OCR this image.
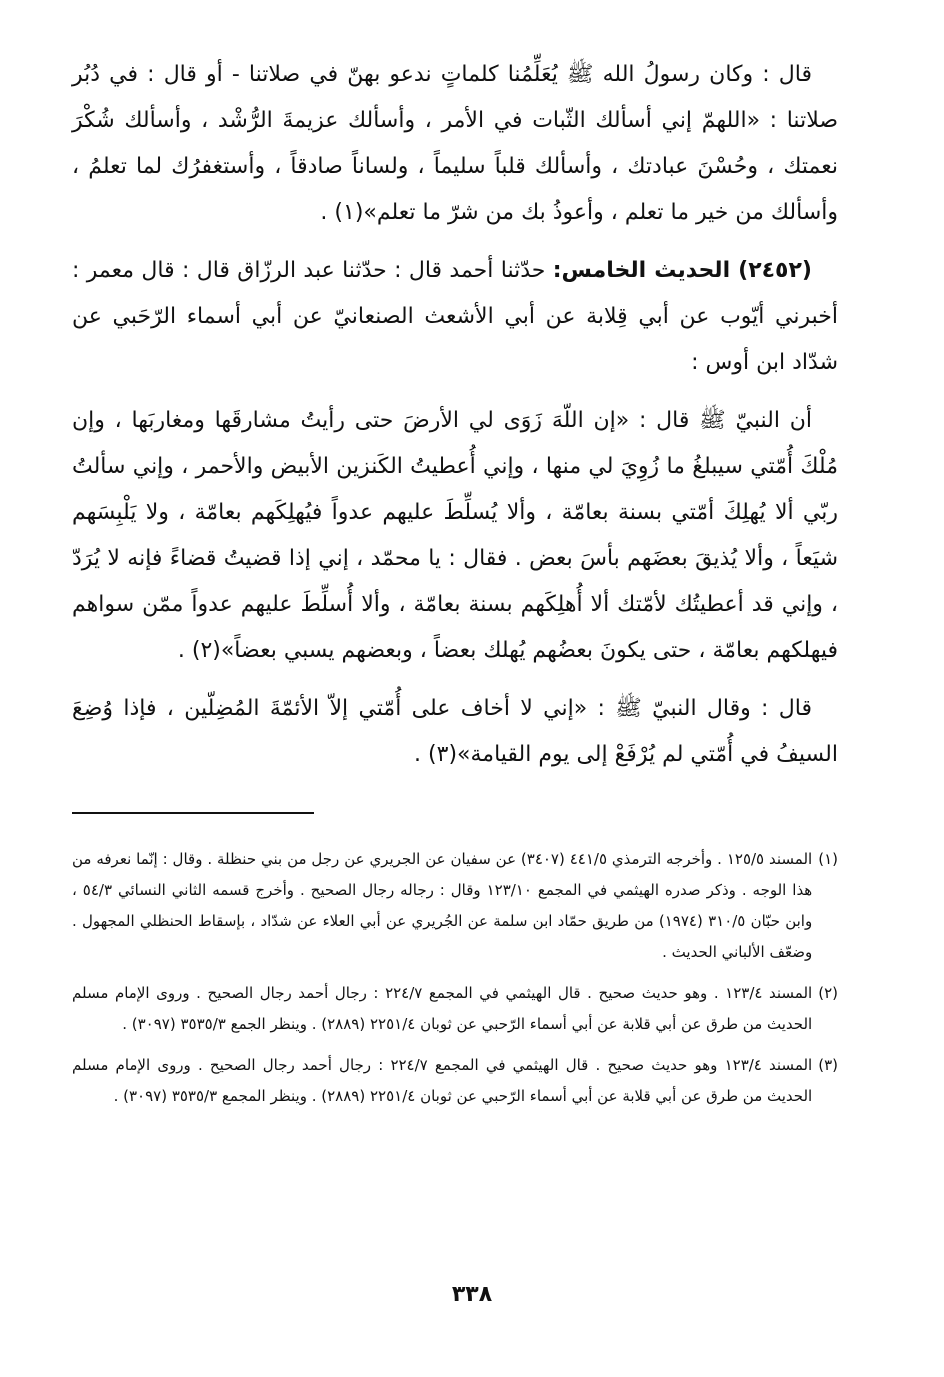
قال : وكان رسولُ الله ﷺ يُعَلِّمُنا كلماتٍ ندعو بهنّ في صلاتنا - أو قال : في دُبُر صلاتنا : «اللهمّ إني أسألك الثّبات في الأمر ، وأسألك عزيمةَ الرُّشْد ، وأسألك شُكْرَ نعمتك ، وحُسْنَ عبادتك ، وأسألك قلباً سليماً ، ولساناً صادقاً ، وأستغفرُك لما تعلمُ ، وأسألك من خير ما تعلم ، وأعوذُ بك من شرّ ما تعلم»(١) .

(٢٤٥٢) الحديث الخامس: حدّثنا أحمد قال : حدّثنا عبد الرزّاق قال : قال معمر : أخبرني أيّوب عن أبي قِلابة عن أبي الأشعث الصنعانيّ عن أبي أسماء الرّحَبي عن شدّاد ابن أوس :

أن النبيّ ﷺ قال : «إن اللّهَ زَوَى لي الأرضَ حتى رأيتُ مشارقَها ومغاربَها ، وإن مُلْكَ أُمّتي سيبلغُ ما زُوِيَ لي منها ، وإني أُعطيتُ الكَنزين الأبيض والأحمر ، وإني سألتُ ربّي ألا يُهلِكَ أمّتي بسنة بعامّة ، وألا يُسلِّطَ عليهم عدواً فيُهلِكَهم بعامّة ، ولا يَلْبِسَهم شيَعاً ، وألا يُذيقَ بعضَهم بأسَ بعض . فقال : يا محمّد ، إني إذا قضيتُ قضاءً فإنه لا يُرَدّ ، وإني قد أعطيتُك لأمّتك ألا أُهلِكَهم بسنة بعامّة ، وألا أُسلِّطَ عليهم عدواً ممّن سواهم فيهلكهم بعامّة ، حتى يكونَ بعضُهم يُهلك بعضاً ، وبعضهم يسبي بعضاً»(٢) .

قال : وقال النبيّ ﷺ : «إني لا أخاف على أُمّتي إلاّ الأئمّةَ المُضِلّين ، فإذا وُضِعَ السيفُ في أُمّتي لم يُرْفَعْ إلى يوم القيامة»(٣) .

(١)
المسند ١٢٥/٥ . وأخرجه الترمذي ٤٤١/٥ (٣٤٠٧) عن سفيان عن الجريري عن رجل من بني حنظلة . وقال : إنّما نعرفه من هذا الوجه . وذكر صدره الهيثمي في المجمع ١٢٣/١٠ وقال : رجاله رجال الصحيح . وأخرج قسمه الثاني النسائي ٥٤/٣ ، وابن حبّان ٣١٠/٥ (١٩٧٤) من طريق حمّاد ابن سلمة عن الجُريري عن أبي العلاء عن شدّاد ، بإسقاط الحنظلي المجهول . وضعّف الألباني الحديث .
(٢)
المسند ١٢٣/٤ . وهو حديث صحيح . قال الهيثمي في المجمع ٢٢٤/٧ : رجال أحمد رجال الصحيح . وروى الإمام مسلم الحديث من طرق عن أبي قلابة عن أبي أسماء الرّحبي عن ثوبان ٢٢٥١/٤ (٢٨٨٩) . وينظر الجمع ٣٥٣٥/٣ (٣٠٩٧) .
(٣)
المسند ١٢٣/٤ وهو حديث صحيح . قال الهيثمي في المجمع ٢٢٤/٧ : رجال أحمد رجال الصحيح . وروى الإمام مسلم الحديث من طرق عن أبي قلابة عن أبي أسماء الرّحبي عن ثوبان ٢٢٥١/٤ (٢٨٨٩) . وينظر المجمع ٣٥٣٥/٣ (٣٠٩٧) .
٣٣٨
